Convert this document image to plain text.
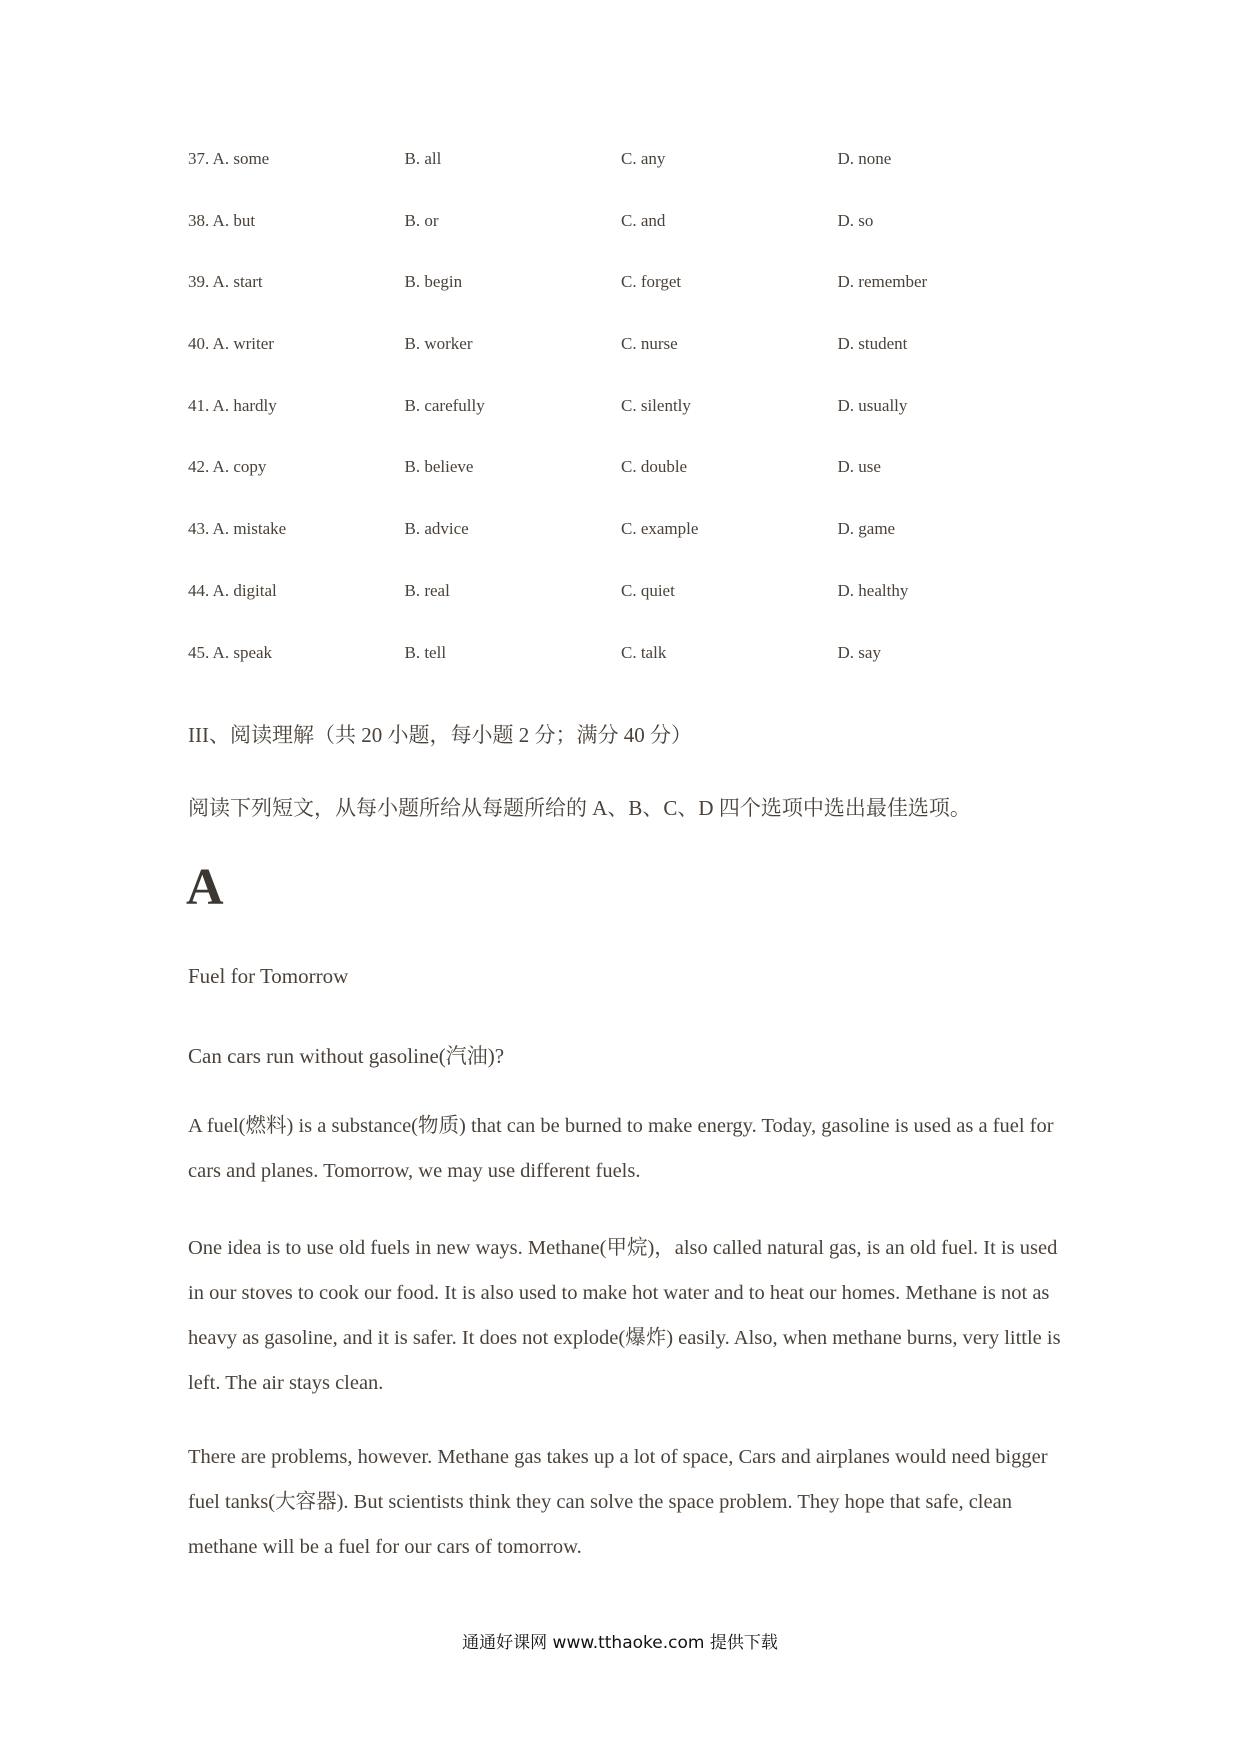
37. A. some	B. all	C. any	D. none
38. A. but	B. or	C. and	D. so
39. A. start	B. begin	C. forget	D. remember
40. A. writer	B. worker	C. nurse	D. student
41. A. hardly	B. carefully	C. silently	D. usually
42. A. copy	B. believe	C. double	D. use
43. A. mistake	B. advice	C. example	D. game
44. A. digital	B. real	C. quiet	D. healthy
45. A. speak	B. tell	C. talk	D. say
III、阅读理解（共 20 小题，每小题 2 分；满分 40 分）
阅读下列短文，从每小题所给从每题所给的 A、B、C、D 四个选项中选出最佳选项。
A
Fuel for Tomorrow
Can cars run without gasoline(汽油)?

A fuel(燃料) is a substance(物质) that can be burned to make energy. Today, gasoline is used as a fuel for cars and planes. Tomorrow, we may use different fuels.

One idea is to use old fuels in new ways. Methane(甲烷)，also called natural gas, is an old fuel. It is used in our stoves to cook our food. It is also used to make hot water and to heat our homes. Methane is not as heavy as gasoline, and it is safer. It does not explode(爆炸) easily. Also, when methane burns, very little is left. The air stays clean.

There are problems, however. Methane gas takes up a lot of space, Cars and airplanes would need bigger fuel tanks(大容器). But scientists think they can solve the space problem. They hope that safe, clean methane will be a fuel for our cars of tomorrow.

通通好课网 www.tthaoke.com 提供下载
